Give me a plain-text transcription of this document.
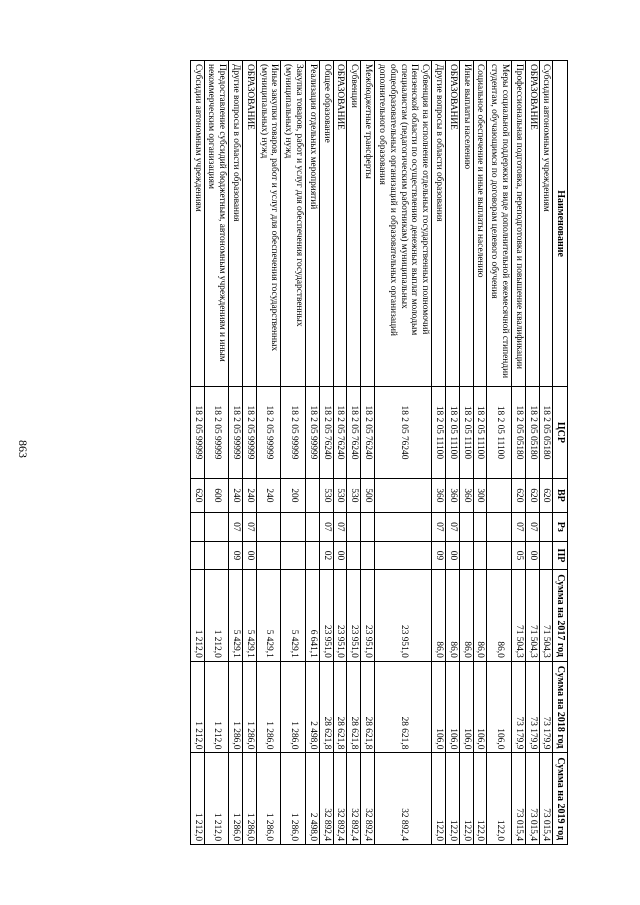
863
Наименование	ЦСР	ВР	Рз	ПР	Сумма на 2017 год	Сумма на 2018 год	Сумма на 2019 год
Субсидии автономным учреждениям	18 2 05 05180	620			71 504,3	73 179,9	73 015,4
ОБРАЗОВАНИЕ	18 2 05 05180	620	07	00	71 504,3	73 179,9	73 015,4
Профессиональная подготовка, переподготовка и повышение квалификации	18 2 05 05180	620	07	05	71 504,3	73 179,9	73 015,4
Меры социальной поддержки в виде дополнительной ежемесячной стипендии студентам, обучающимся по договорам целевого обучения	18 2 05 11100				86,0	106,0	122,0
Социальное обеспечение и иные выплаты населению	18 2 05 11100	300			86,0	106,0	122,0
Иные выплаты населению	18 2 05 11100	360			86,0	106,0	122,0
ОБРАЗОВАНИЕ	18 2 05 11100	360	07	00	86,0	106,0	122,0
Другие вопросы в области образования	18 2 05 11100	360	07	09	86,0	106,0	122,0
Субвенция на исполнение отдельных государственных полномочий Пензенской области по осуществлению денежных выплат молодым специалистам (педагогическим работникам) муниципальных общеобразовательных организаций и образовательных организаций дополнительного образования	18 2 05 76240				23 951,0	28 621,8	32 892,4
Межбюджетные трансферты	18 2 05 76240	500			23 951,0	28 621,8	32 892,4
Субвенции	18 2 05 76240	530			23 951,0	28 621,8	32 892,4
ОБРАЗОВАНИЕ	18 2 05 76240	530	07	00	23 951,0	28 621,8	32 892,4
Общее образование	18 2 05 76240	530	07	02	23 951,0	28 621,8	32 892,4
Реализация отдельных мероприятий	18 2 05 99999				6 641,1	2 498,0	2 498,0
Закупка товаров, работ и услуг для обеспечения государственных (муниципальных) нужд	18 2 05 99999	200			5 429,1	1 286,0	1 286,0
Иные закупки товаров, работ и услуг для обеспечения государственных (муниципальных) нужд	18 2 05 99999	240			5 429,1	1 286,0	1 286,0
ОБРАЗОВАНИЕ	18 2 05 99999	240	07	00	5 429,1	1 286,0	1 286,0
Другие вопросы в области образования	18 2 05 99999	240	07	09	5 429,1	1 286,0	1 286,0
Предоставление субсидий бюджетным, автономным учреждениям и иным некоммерческим организациям	18 2 05 99999	600			1 212,0	1 212,0	1 212,0
Субсидии автономным учреждениям	18 2 05 99999	620			1 212,0	1 212,0	1 212,0
